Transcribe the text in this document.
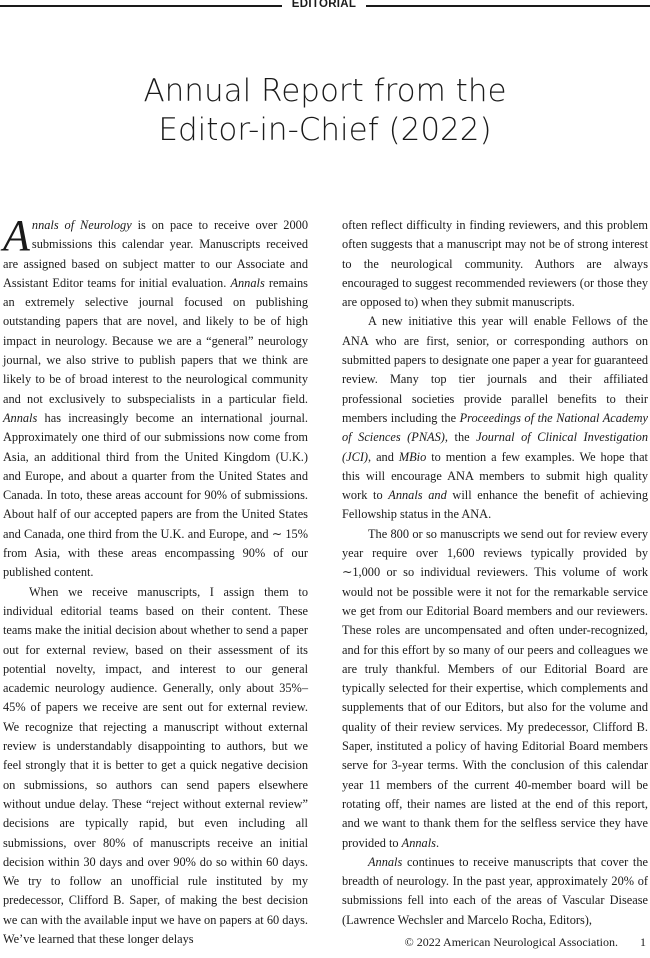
EDITORIAL
Annual Report from the
Editor-in-Chief (2022)

Annals of Neurology is on pace to receive over 2000 submissions this calendar year. Manuscripts received are assigned based on subject matter to our Associate and Assistant Editor teams for initial evaluation. Annals remains an extremely selective journal focused on publishing outstanding papers that are novel, and likely to be of high impact in neurology. Because we are a “general” neurology journal, we also strive to publish papers that we think are likely to be of broad interest to the neurological community and not exclusively to subspecialists in a particular field. Annals has increasingly become an international journal. Approximately one third of our submissions now come from Asia, an additional third from the United Kingdom (U.K.) and Europe, and about a quarter from the United States and Canada. In toto, these areas account for 90% of submissions. About half of our accepted papers are from the United States and Canada, one third from the U.K. and Europe, and ∼ 15% from Asia, with these areas encompassing 90% of our published content.

When we receive manuscripts, I assign them to individual editorial teams based on their content. These teams make the initial decision about whether to send a paper out for external review, based on their assessment of its potential novelty, impact, and interest to our general academic neurology audience. Generally, only about 35%–45% of papers we receive are sent out for external review. We recognize that rejecting a manuscript without external review is understandably disappointing to authors, but we feel strongly that it is better to get a quick negative decision on submissions, so authors can send papers elsewhere without undue delay. These “reject without external review” decisions are typically rapid, but even including all submissions, over 80% of manuscripts receive an initial decision within 30 days and over 90% do so within 60 days. We try to follow an unofficial rule instituted by my predecessor, Clifford B. Saper, of making the best decision we can with the available input we have on papers at 60 days. We’ve learned that these longer delays

often reflect difficulty in finding reviewers, and this problem often suggests that a manuscript may not be of strong interest to the neurological community. Authors are always encouraged to suggest recommended reviewers (or those they are opposed to) when they submit manuscripts.

A new initiative this year will enable Fellows of the ANA who are first, senior, or corresponding authors on submitted papers to designate one paper a year for guaranteed review. Many top tier journals and their affiliated professional societies provide parallel benefits to their members including the Proceedings of the National Academy of Sciences (PNAS), the Journal of Clinical Investigation (JCI), and MBio to mention a few examples. We hope that this will encourage ANA members to submit high quality work to Annals and will enhance the benefit of achieving Fellowship status in the ANA.

The 800 or so manuscripts we send out for review every year require over 1,600 reviews typically provided by ∼1,000 or so individual reviewers. This volume of work would not be possible were it not for the remarkable service we get from our Editorial Board members and our reviewers. These roles are uncompensated and often under-recognized, and for this effort by so many of our peers and colleagues we are truly thankful. Members of our Editorial Board are typically selected for their expertise, which complements and supplements that of our Editors, but also for the volume and quality of their review services. My predecessor, Clifford B. Saper, instituted a policy of having Editorial Board members serve for 3-year terms. With the conclusion of this calendar year 11 members of the current 40-member board will be rotating off, their names are listed at the end of this report, and we want to thank them for the selfless service they have provided to Annals.

Annals continues to receive manuscripts that cover the breadth of neurology. In the past year, approximately 20% of submissions fell into each of the areas of Vascular Disease (Lawrence Wechsler and Marcelo Rocha, Editors),

© 2022 American Neurological Association. 1
